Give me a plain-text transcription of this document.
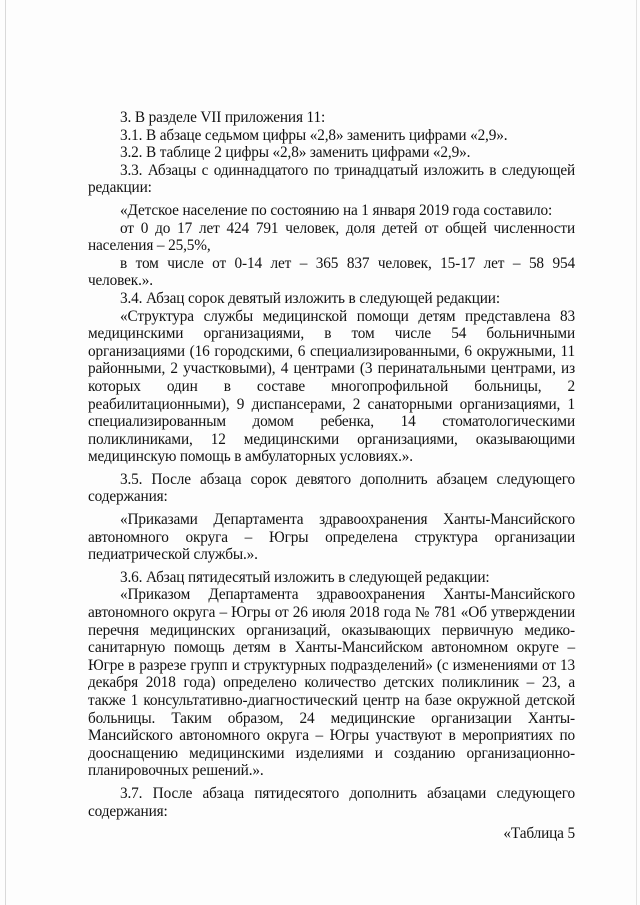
3. В разделе VII приложения 11:

3.1. В абзаце седьмом цифры «2,8» заменить цифрами «2,9».

3.2. В таблице 2 цифры «2,8» заменить цифрами «2,9».

3.3. Абзацы с одиннадцатого по тринадцатый изложить в следующей редакции:

«Детское население по состоянию на 1 января 2019 года составило:

от 0 до 17 лет 424 791 человек, доля детей от общей численности населения – 25,5%,

в том числе от 0-14 лет – 365 837 человек, 15-17 лет – 58 954 человек.».

3.4. Абзац сорок девятый изложить в следующей редакции:

«Структура службы медицинской помощи детям представлена 83 медицинскими организациями, в том числе 54 больничными организациями (16 городскими, 6 специализированными, 6 окружными, 11 районными, 2 участковыми), 4 центрами (3 перинатальными центрами, из которых один в составе многопрофильной больницы, 2 реабилитационными), 9 диспансерами, 2 санаторными организациями, 1 специализированным домом ребенка, 14 стоматологическими поликлиниками, 12 медицинскими организациями, оказывающими медицинскую помощь в амбулаторных условиях.».

3.5. После абзаца сорок девятого дополнить абзацем следующего содержания:

«Приказами Департамента здравоохранения Ханты-Мансийского автономного округа – Югры определена структура организации педиатрической службы.».

3.6. Абзац пятидесятый изложить в следующей редакции:

«Приказом Департамента здравоохранения Ханты-Мансийского автономного округа – Югры от 26 июля 2018 года № 781 «Об утверждении перечня медицинских организаций, оказывающих первичную медико-санитарную помощь детям в Ханты-Мансийском автономном округе – Югре в разрезе групп и структурных подразделений» (с изменениями от 13 декабря 2018 года) определено количество детских поликлиник – 23, а также 1 консультативно-диагностический центр на базе окружной детской больницы. Таким образом, 24 медицинские организации Ханты-Мансийского автономного округа – Югры участвуют в мероприятиях по дооснащению медицинскими изделиями и созданию организационно-планировочных решений.».

3.7. После абзаца пятидесятого дополнить абзацами следующего содержания:

«Таблица 5
